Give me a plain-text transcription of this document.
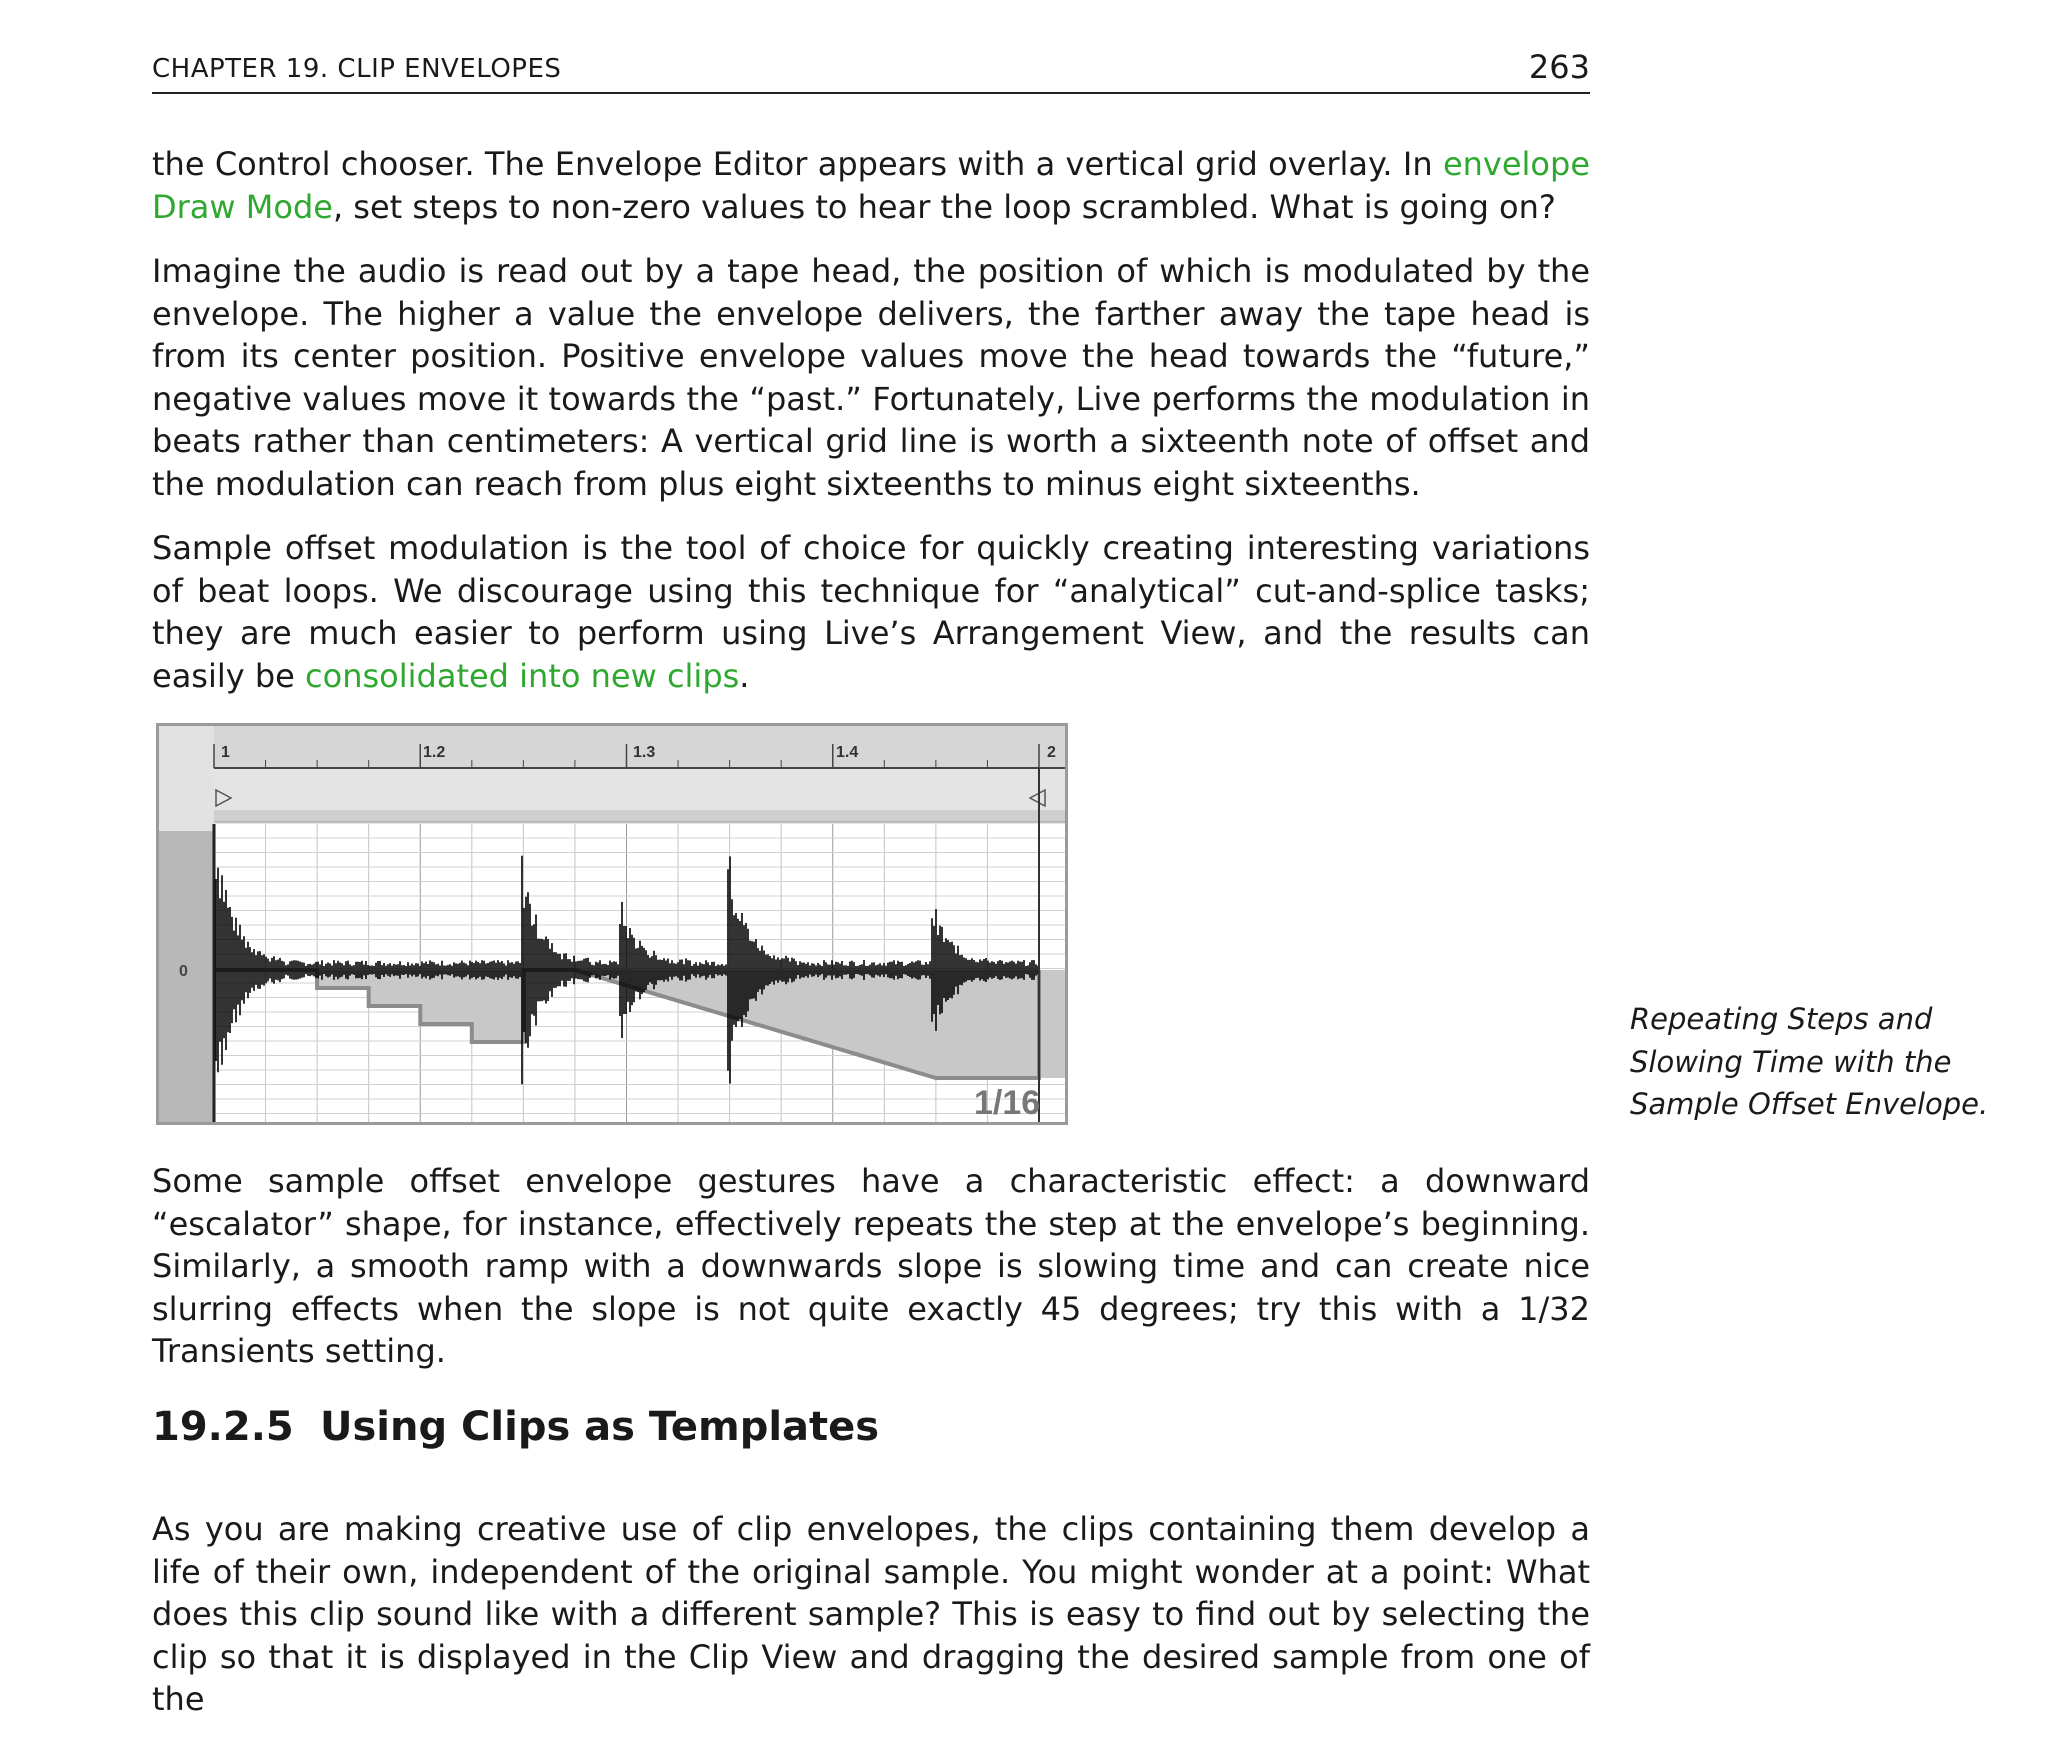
CHAPTER 19. CLIP ENVELOPES	263

the Control chooser. The Envelope Editor appears with a vertical grid overlay. In envelope Draw Mode, set steps to non-zero values to hear the loop scrambled. What is going on?

Imagine the audio is read out by a tape head, the position of which is modulated by the envelope. The higher a value the envelope delivers, the farther away the tape head is from its center position. Positive envelope values move the head towards the “future,” negative values move it towards the “past.” Fortunately, Live performs the modulation in beats rather than centimeters: A vertical grid line is worth a sixteenth note of offset and the modulation can reach from plus eight sixteenths to minus eight sixteenths.

Sample offset modulation is the tool of choice for quickly creating interesting variations of beat loops. We discourage using this technique for “analytical” cut-and-splice tasks; they are much easier to perform using Live’s Arrangement View, and the results can easily be consolidated into new clips.

0
1	1.2	1.3	1.4	2
1/16
Repeating Steps and Slowing Time with the Sample Offset Envelope.

Some sample offset envelope gestures have a characteristic effect: a downward “escalator” shape, for instance, effectively repeats the step at the envelope’s beginning. Similarly, a smooth ramp with a downwards slope is slowing time and can create nice slurring effects when the slope is not quite exactly 45 degrees; try this with a 1/32 Transients setting.

19.2.5 Using Clips as Templates

As you are making creative use of clip envelopes, the clips containing them develop a life of their own, independent of the original sample. You might wonder at a point: What does this clip sound like with a different sample? This is easy to find out by selecting the clip so that it is displayed in the Clip View and dragging the desired sample from one of the
